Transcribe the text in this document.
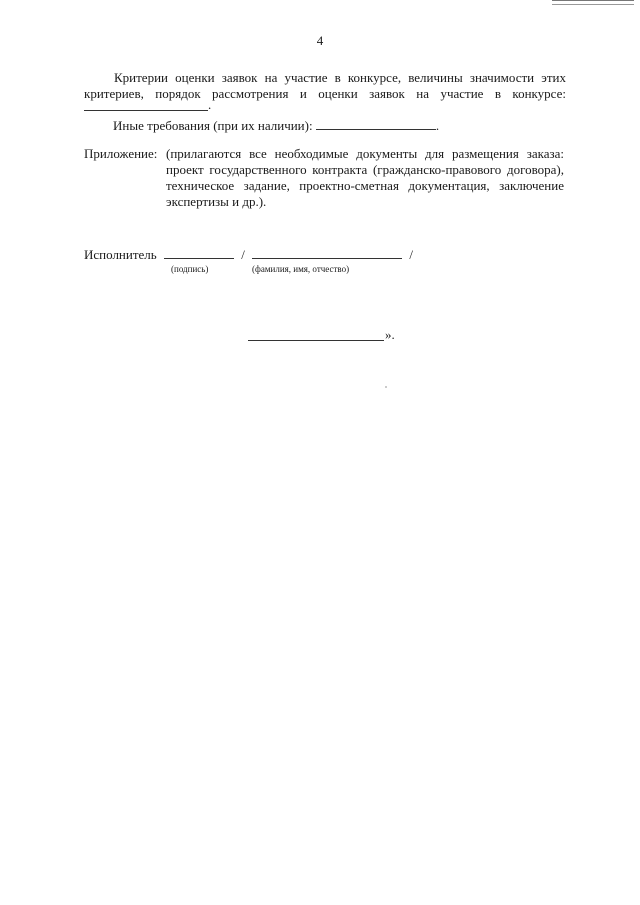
4
Критерии оценки заявок на участие в конкурсе, величины значимости этих критериев, порядок рассмотрения и оценки заявок на участие в конкурсе:
.
Иные требования (при их наличии):	.
Приложение: (прилагаются все необходимые документы для размещения заказа: проект государственного контракта (гражданско-правового договора), техническое задание, проектно-сметная документация, заключение экспертизы и др.).
Исполнитель	/	/
(подпись)	(фамилия, имя, отчество)
».
